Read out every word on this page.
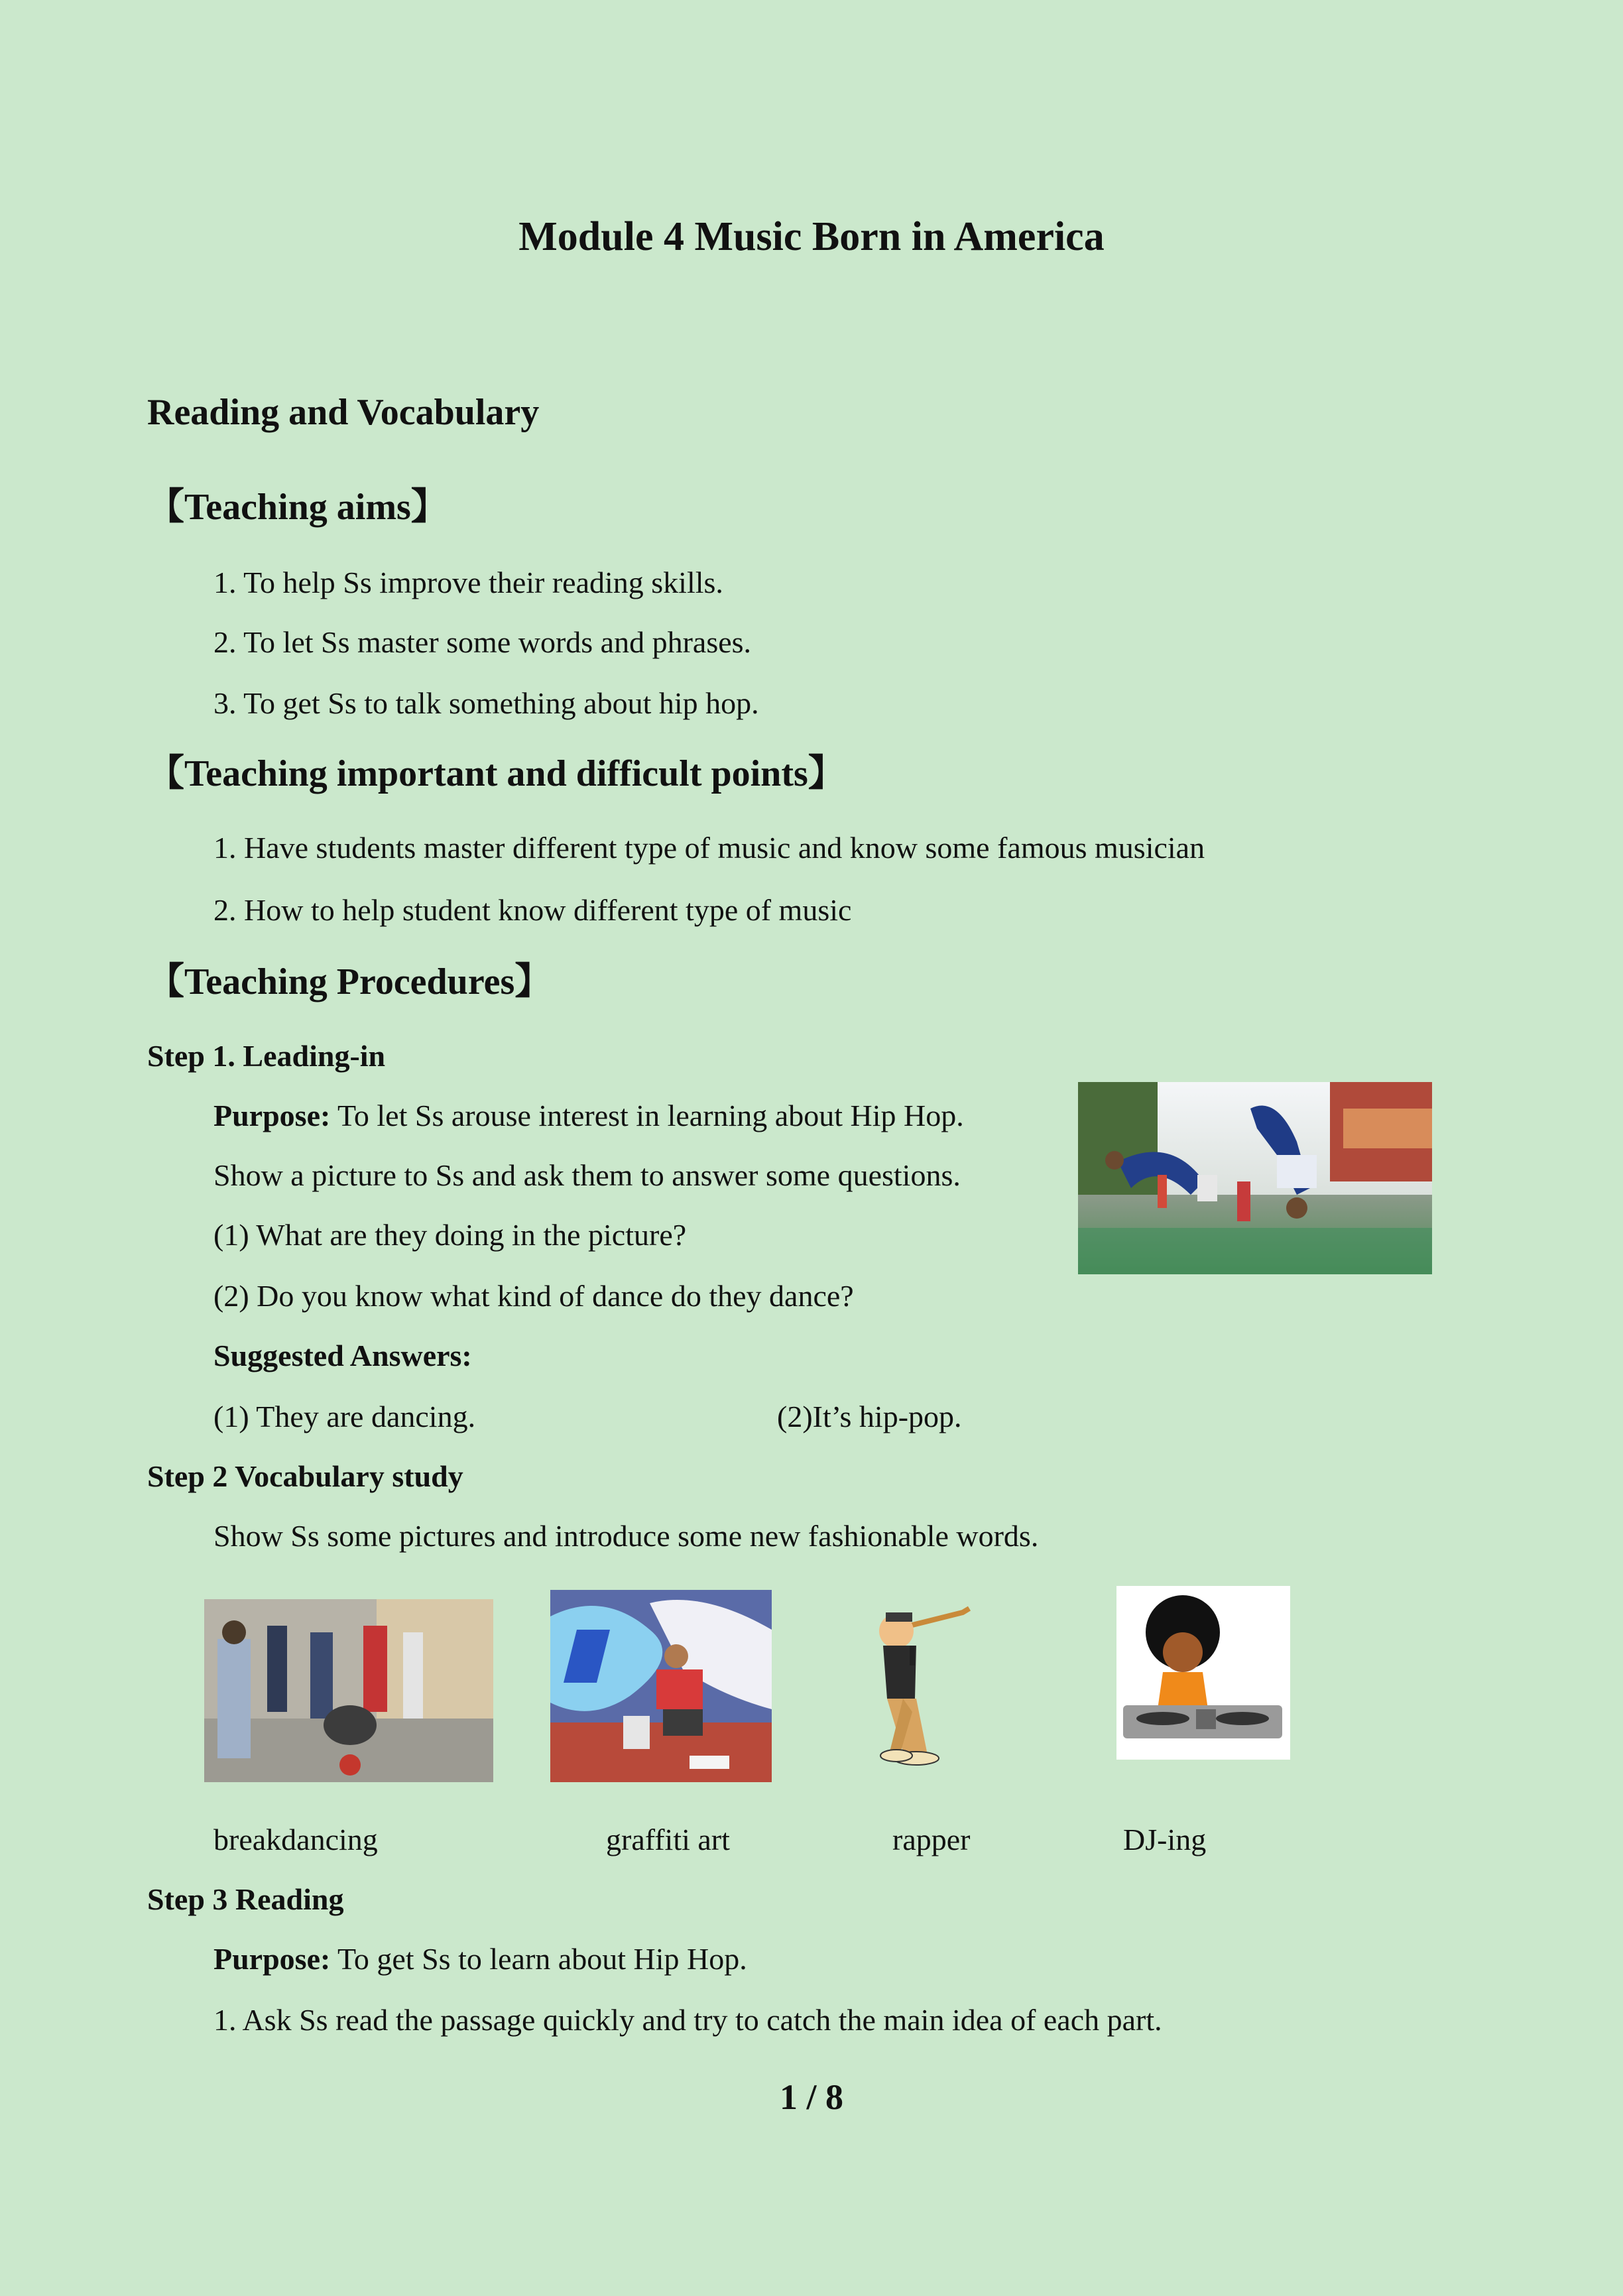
Module 4 Music Born in America
Reading and Vocabulary
【Teaching aims】
1. To help Ss improve their reading skills.
2. To let Ss master some words and phrases.
3. To get Ss to talk something about hip hop.
【Teaching important and difficult points】
1. Have students master different type of music and know some famous musician
2. How to help student know different type of music
【Teaching Procedures】
Step 1. Leading-in
Purpose: To let Ss arouse interest in learning about Hip Hop.
Show a picture to Ss and ask them to answer some questions.
(1) What are they doing in the picture?
(2) Do you know what kind of dance do they dance?
Suggested Answers:
(1) They are dancing.	(2)It’s hip-pop.
Step 2 Vocabulary study
Show Ss some pictures and introduce some new fashionable words.
breakdancing	graffiti art	rapper	DJ-ing
Step 3 Reading
Purpose: To get Ss to learn about Hip Hop.
1. Ask Ss read the passage quickly and try to catch the main idea of each part.
1 / 8
